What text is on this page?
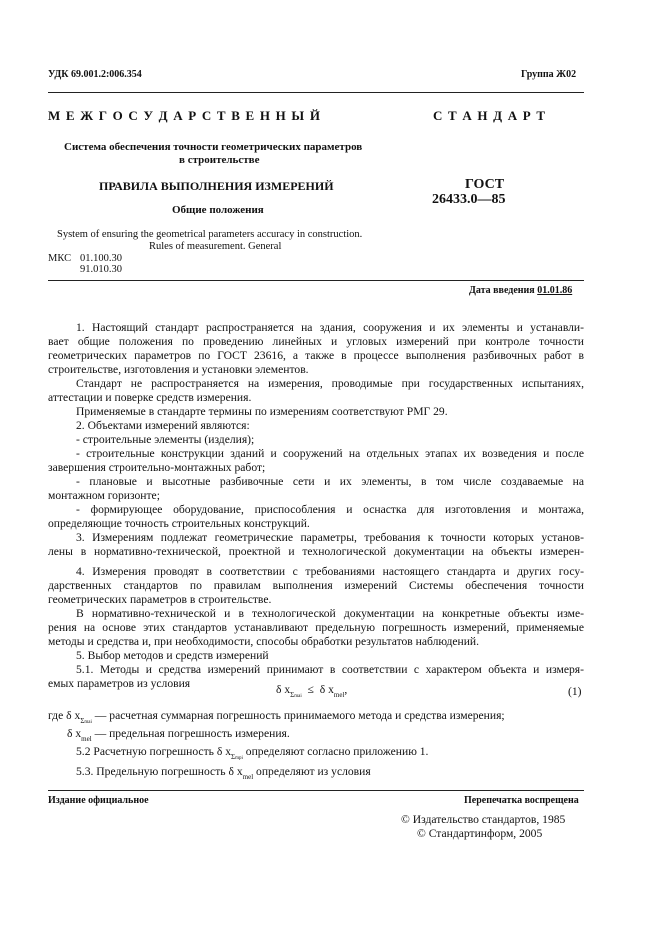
УДК 69.001.2:006.354	Группа Ж02
М Е Ж Г О С У Д А Р С Т В Е Н Н Ы Й	С Т А Н Д А Р Т
Система обеспечения точности геометрических параметров
в строительстве
ПРАВИЛА ВЫПОЛНЕНИЯ ИЗМЕРЕНИЙ
Общие положения
ГОСТ
26433.0—85
System of ensuring the geometrical parameters accuracy in construction.
Rules of measurement. General
МКС 01.100.30
91.010.30
Дата введения 01.01.86
1. Настоящий стандарт распространяется на здания, сооружения и их элементы и устанавли-
вает общие положения по проведению линейных и угловых измерений при контроле точности
геометрических параметров по ГОСТ 23616, а также в процессе выполнения разбивочных работ в
строительстве, изготовления и установки элементов.
Стандарт не распространяется на измерения, проводимые при государственных испытаниях,
аттестации и поверке средств измерения.
Применяемые в стандарте термины по измерениям соответствуют РМГ 29.
2. Объектами измерений являются:
- строительные элементы (изделия);
- строительные конструкции зданий и сооружений на отдельных этапах их возведения и после
завершения строительно-монтажных работ;
- плановые и высотные разбивочные сети и их элементы, в том числе создаваемые на
монтажном горизонте;
- формирующее оборудование, приспособления и оснастка для изготовления и монтажа,
определяющие точность строительных конструкций.
3. Измерениям подлежат геометрические параметры, требования к точности которых установ-
лены в нормативно-технической, проектной и технологической документации на объекты измерен-
4. Измерения проводят в соответствии с требованиями настоящего стандарта и других госу-
дарственных стандартов по правилам выполнения измерений Системы обеспечения точности
геометрических параметров в строительстве.
В нормативно-технической и в технологической документации на конкретные объекты изме-
рения на основе этих стандартов устанавливают предельную погрешность измерений, применяемые
методы и средства и, при необходимости, способы обработки результатов наблюдений.
5. Выбор методов и средств измерений
5.1. Методы и средства измерений принимают в соответствии с характером объекта и измеря-
емых параметров из условия	δ $x_{\Sigma mai} \le \delta$ $x_{mel}$,	(1)
где δ $x_{\Sigma mai}$ — расчетная суммарная погрешность принимаемого метода и средства измерения;
δ $x_{mel}$ — предельная погрешность измерения.
5.2 Расчетную погрешность δ $x_{\Sigma mpi}$ определяют согласно приложению 1.
5.3. Предельную погрешность δ $x_{mel}$ определяют из условия
Издание официальное	Перепечатка воспрещена
© Издательство стандартов, 1985
© Стандартинформ, 2005
